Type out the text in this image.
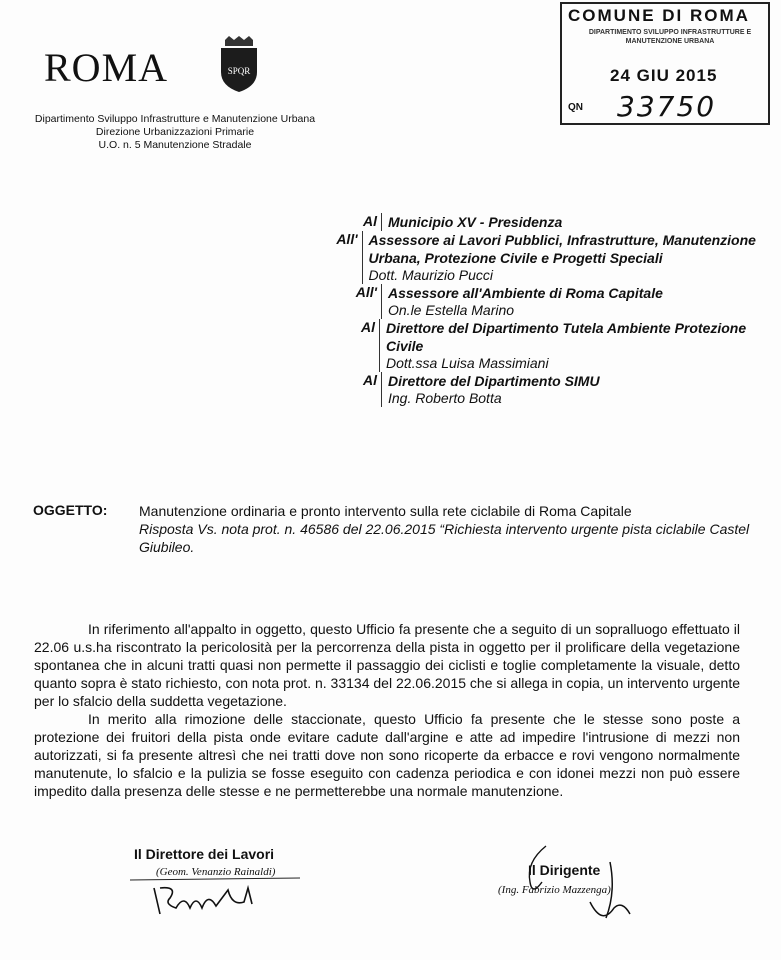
ROMA	SPQR
Dipartimento Sviluppo Infrastrutture e Manutenzione Urbana
Direzione Urbanizzazioni Primarie
U.O. n. 5 Manutenzione Stradale
COMUNE DI ROMA
DIPARTIMENTO SVILUPPO INFRASTRUTTURE E MANUTENZIONE URBANA
24 GIU 2015
QN 33750
Al Municipio XV - Presidenza
All' Assessore ai Lavori Pubblici, Infrastrutture, Manutenzione Urbana, Protezione Civile e Progetti Speciali
Dott. Maurizio Pucci
All' Assessore all'Ambiente di Roma Capitale
On.le Estella Marino
Al Direttore del Dipartimento Tutela Ambiente Protezione Civile
Dott.ssa Luisa Massimiani
Al Direttore del Dipartimento SIMU
Ing. Roberto Botta
OGGETTO: Manutenzione ordinaria e pronto intervento sulla rete ciclabile di Roma Capitale
Risposta Vs. nota prot. n. 46586 del 22.06.2015 “Richiesta intervento urgente pista ciclabile Castel Giubileo.

In riferimento all'appalto in oggetto, questo Ufficio fa presente che a seguito di un sopralluogo effettuato il 22.06 u.s.ha riscontrato la pericolosità per la percorrenza della pista in oggetto per il prolificare della vegetazione spontanea che in alcuni tratti quasi non permette il passaggio dei ciclisti e toglie completamente la visuale, detto quanto sopra è stato richiesto, con nota prot. n. 33134 del 22.06.2015 che si allega in copia, un intervento urgente per lo sfalcio della suddetta vegetazione.

In merito alla rimozione delle staccionate, questo Ufficio fa presente che le stesse sono poste a protezione dei fruitori della pista onde evitare cadute dall'argine e atte ad impedire l'intrusione di mezzi non autorizzati, si fa presente altresì che nei tratti dove non sono ricoperte da erbacce e rovi vengono normalmente manutenute, lo sfalcio e la pulizia se fosse eseguito con cadenza periodica e con idonei mezzi non può essere impedito dalla presenza delle stesse e ne permetterebbe una normale manutenzione.

Il Direttore dei Lavori
(Geom. Venanzio Rainaldi)	Il Dirigente
(Ing. Fabrizio Mazzenga)
